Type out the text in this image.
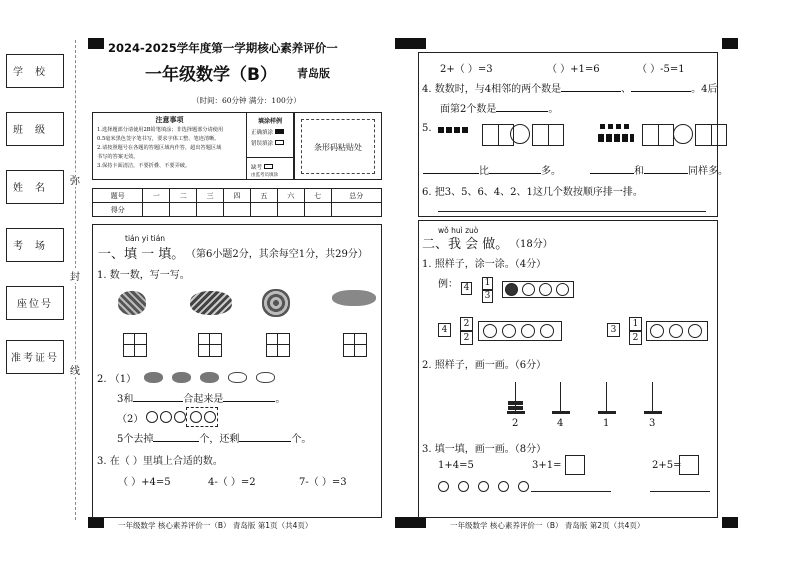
学校
班级
姓名
考场
座位号
准考证号
弥
封
线
2024-2025学年度第一学期核心素养评价一
一年级数学（B） 青岛版
（时间：60分钟 满分：100分）
注意事项
1.选择题部分请使用2B铅笔填涂；非选择题部分请使用
0.5毫米黑色签字笔书写，要求字体工整、笔迹清晰。
2.请按照题号在各题的答题区域内作答，超出答题区域
书写的答案无效。
3.保持卡面清洁，不要折叠、不要弄破。
填涂样例
正确填涂
错误填涂
缺考
由监考员填涂
条形码粘贴处
题号	一	二	三	四	五	六	七	总分
得分								
tián yi tián
一、填 一 填。 （第6小题2分，其余每空1分，共29分）
1. 数一数，写一写。
2. （1）
3和	合起来是	。
（2）
5个去掉	个，还剩	个。
3. 在（ ）里填上合适的数。
（ ）+4=5	4-（ ）=2	7-（ ）=3
2+（ ）=3	（ ）+1=6	（ ）-5=1
4. 数数时，与4相邻的两个数是	、	。4后
面第2个数是	。
5.
比	多。	和	同样多。
6. 把3、5、6、4、2、1这几个数按顺序排一排。
wǒ huì zuò
二、我 会 做。 （18分）
1. 照样子，涂一涂。（4分）
例： 4 1
3
4
2
2
3
1
2
2. 照样子，画一画。（6分）
2	4	1	3
3. 填一填，画一画。（8分）
1+4=5	3+1=	2+5=
一年级数学 核心素养评价一（B） 青岛版 第1页（共4页）	一年级数学 核心素养评价一（B） 青岛版 第2页（共4页）
